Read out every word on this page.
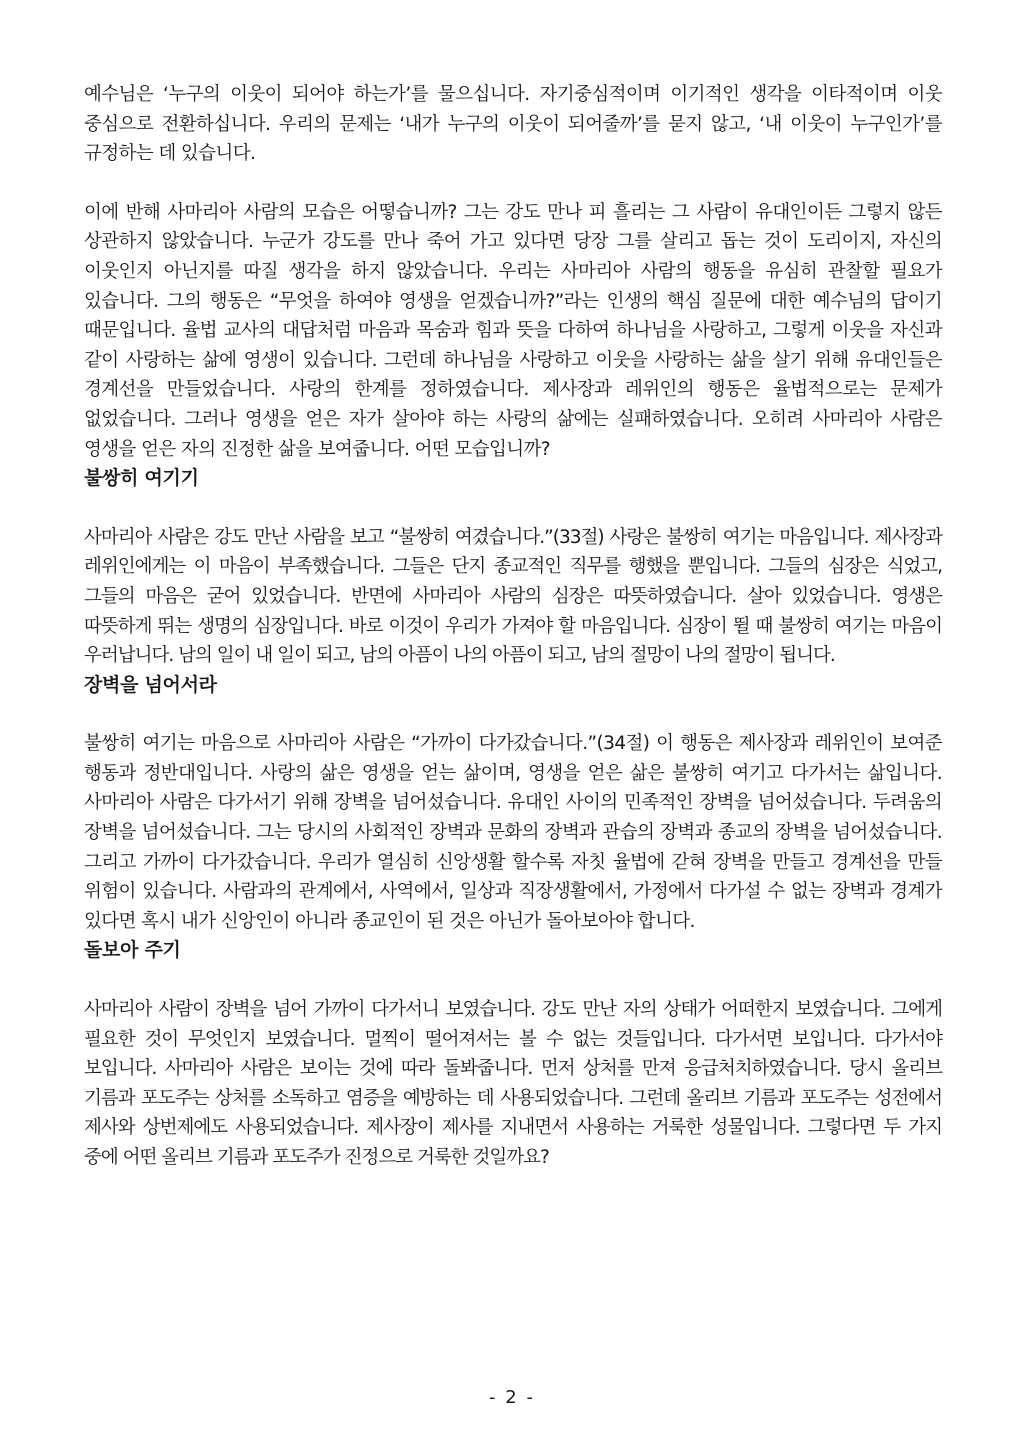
예수님은 ‘누구의 이웃이 되어야 하는가’를 물으십니다. 자기중심적이며 이기적인 생각을 이타적이며 이웃 중심으로 전환하십니다. 우리의 문제는 ‘내가 누구의 이웃이 되어줄까’를 묻지 않고, ‘내 이웃이 누구인가’를 규정하는 데 있습니다.

이에 반해 사마리아 사람의 모습은 어떻습니까? 그는 강도 만나 피 흘리는 그 사람이 유대인이든 그렇지 않든 상관하지 않았습니다. 누군가 강도를 만나 죽어 가고 있다면 당장 그를 살리고 돕는 것이 도리이지, 자신의 이웃인지 아닌지를 따질 생각을 하지 않았습니다. 우리는 사마리아 사람의 행동을 유심히 관찰할 필요가 있습니다. 그의 행동은 “무엇을 하여야 영생을 얻겠습니까?”라는 인생의 핵심 질문에 대한 예수님의 답이기 때문입니다. 율법 교사의 대답처럼 마음과 목숨과 힘과 뜻을 다하여 하나님을 사랑하고, 그렇게 이웃을 자신과 같이 사랑하는 삶에 영생이 있습니다. 그런데 하나님을 사랑하고 이웃을 사랑하는 삶을 살기 위해 유대인들은 경계선을 만들었습니다. 사랑의 한계를 정하였습니다. 제사장과 레위인의 행동은 율법적으로는 문제가 없었습니다. 그러나 영생을 얻은 자가 살아야 하는 사랑의 삶에는 실패하였습니다. 오히려 사마리아 사람은 영생을 얻은 자의 진정한 삶을 보여줍니다. 어떤 모습입니까?

불쌍히 여기기

사마리아 사람은 강도 만난 사람을 보고 “불쌍히 여겼습니다.”(33절) 사랑은 불쌍히 여기는 마음입니다. 제사장과 레위인에게는 이 마음이 부족했습니다. 그들은 단지 종교적인 직무를 행했을 뿐입니다. 그들의 심장은 식었고, 그들의 마음은 굳어 있었습니다. 반면에 사마리아 사람의 심장은 따뜻하였습니다. 살아 있었습니다. 영생은 따뜻하게 뛰는 생명의 심장입니다. 바로 이것이 우리가 가져야 할 마음입니다. 심장이 뛸 때 불쌍히 여기는 마음이 우러납니다. 남의 일이 내 일이 되고, 남의 아픔이 나의 아픔이 되고, 남의 절망이 나의 절망이 됩니다.

장벽을 넘어서라

불쌍히 여기는 마음으로 사마리아 사람은 “가까이 다가갔습니다.”(34절) 이 행동은 제사장과 레위인이 보여준 행동과 정반대입니다. 사랑의 삶은 영생을 얻는 삶이며, 영생을 얻은 삶은 불쌍히 여기고 다가서는 삶입니다. 사마리아 사람은 다가서기 위해 장벽을 넘어섰습니다. 유대인 사이의 민족적인 장벽을 넘어섰습니다. 두려움의 장벽을 넘어섰습니다. 그는 당시의 사회적인 장벽과 문화의 장벽과 관습의 장벽과 종교의 장벽을 넘어섰습니다. 그리고 가까이 다가갔습니다. 우리가 열심히 신앙생활 할수록 자칫 율법에 갇혀 장벽을 만들고 경계선을 만들 위험이 있습니다. 사람과의 관계에서, 사역에서, 일상과 직장생활에서, 가정에서 다가설 수 없는 장벽과 경계가 있다면 혹시 내가 신앙인이 아니라 종교인이 된 것은 아닌가 돌아보아야 합니다.

돌보아 주기

사마리아 사람이 장벽을 넘어 가까이 다가서니 보였습니다. 강도 만난 자의 상태가 어떠한지 보였습니다. 그에게 필요한 것이 무엇인지 보였습니다. 멀찍이 떨어져서는 볼 수 없는 것들입니다. 다가서면 보입니다. 다가서야 보입니다. 사마리아 사람은 보이는 것에 따라 돌봐줍니다. 먼저 상처를 만져 응급처치하였습니다. 당시 올리브 기름과 포도주는 상처를 소독하고 염증을 예방하는 데 사용되었습니다. 그런데 올리브 기름과 포도주는 성전에서 제사와 상번제에도 사용되었습니다. 제사장이 제사를 지내면서 사용하는 거룩한 성물입니다. 그렇다면 두 가지 중에 어떤 올리브 기름과 포도주가 진정으로 거룩한 것일까요?

- 2 -
